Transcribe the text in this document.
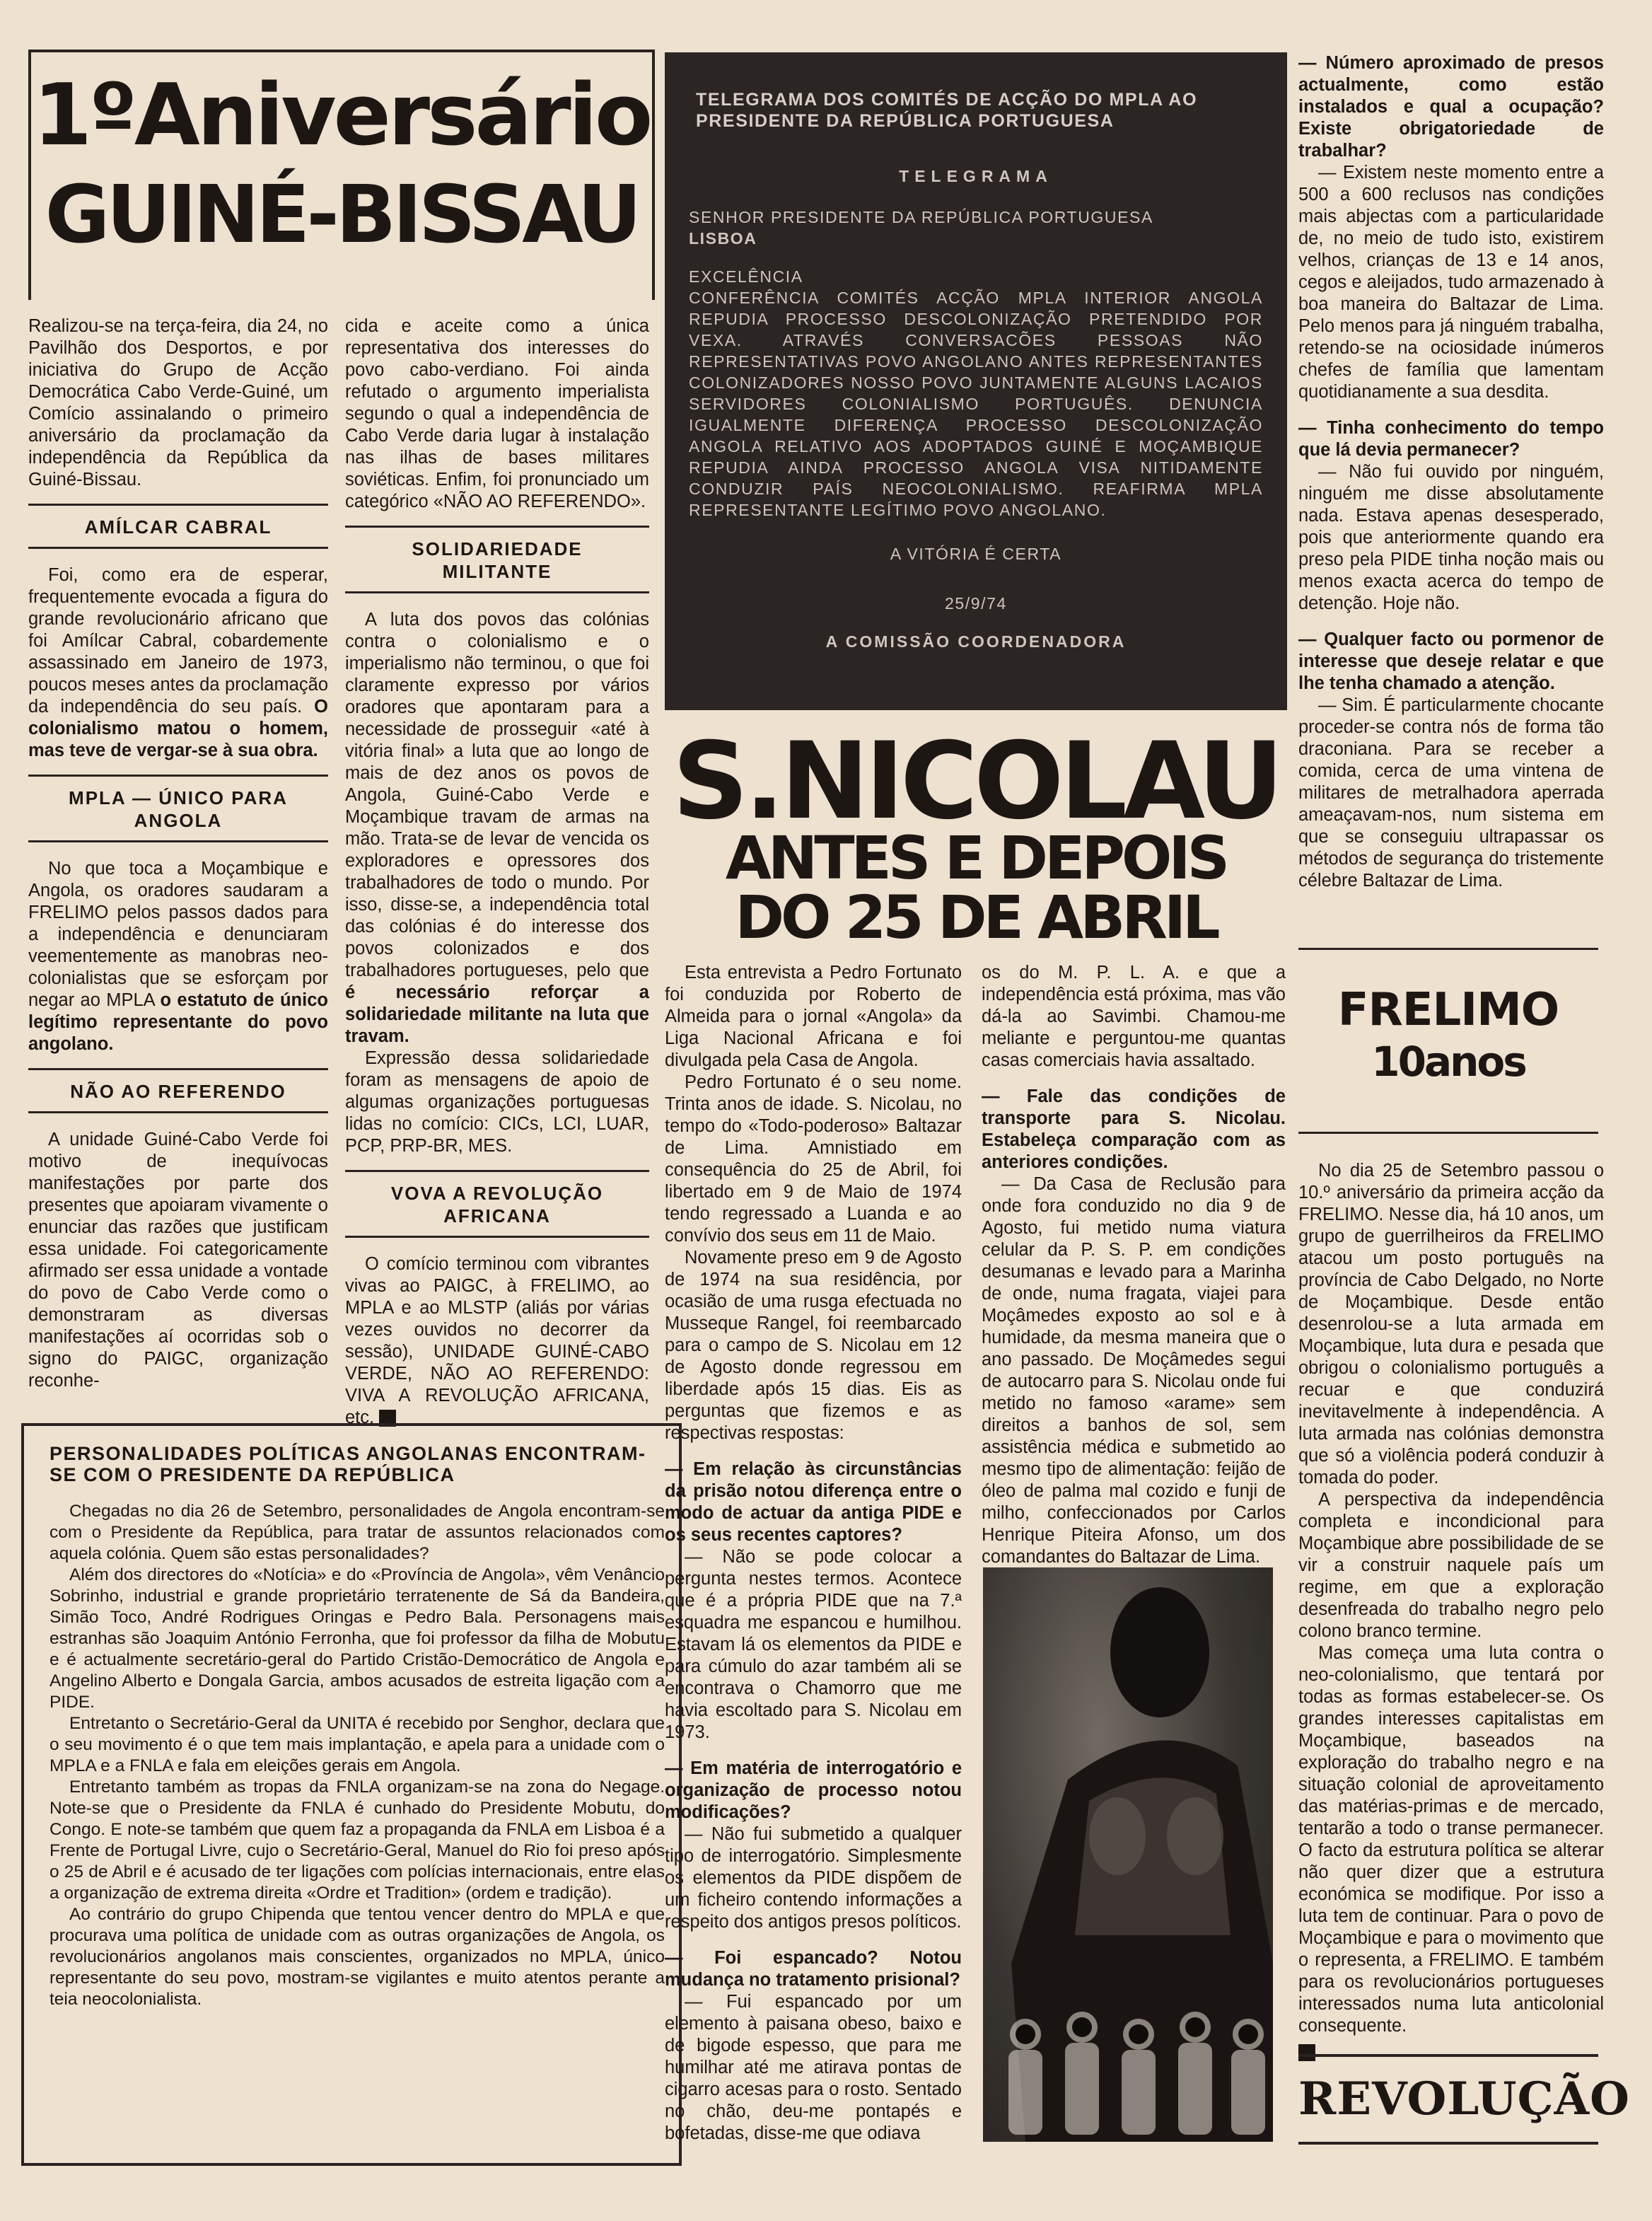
1ºAniversário
GUINÉ-BISSAU

Realizou-se na terça-feira, dia 24, no Pavilhão dos Desportos, e por iniciativa do Grupo de Acção Democrática Cabo Verde-Guiné, um Comício assinalando o primeiro aniversário da proclamação da independência da República da Guiné-Bissau.

AMÍLCAR CABRAL

Foi, como era de esperar, frequentemente evocada a figura do grande revolucionário africano que foi Amílcar Cabral, cobardemente assassinado em Janeiro de 1973, poucos meses antes da proclamação da independência do seu país. O colonialismo matou o homem, mas teve de vergar-se à sua obra.

MPLA — ÚNICO PARA ANGOLA

No que toca a Moçambique e Angola, os oradores saudaram a FRELIMO pelos passos dados para a independência e denunciaram veementemente as manobras neo-colonialistas que se esforçam por negar ao MPLA o estatuto de único legítimo representante do povo angolano.

NÃO AO REFERENDO

A unidade Guiné-Cabo Verde foi motivo de inequívocas manifestações por parte dos presentes que apoiaram vivamente o enunciar das razões que justificam essa unidade. Foi categoricamente afirmado ser essa unidade a vontade do povo de Cabo Verde como o demonstraram as diversas manifestações aí ocorridas sob o signo do PAIGC, organização reconhe-

cida e aceite como a única representativa dos interesses do povo cabo-verdiano. Foi ainda refutado o argumento imperialista segundo o qual a independência de Cabo Verde daria lugar à instalação nas ilhas de bases militares soviéticas. Enfim, foi pronunciado um categórico «NÃO AO REFERENDO».

SOLIDARIEDADE MILITANTE

A luta dos povos das colónias contra o colonialismo e o imperialismo não terminou, o que foi claramente expresso por vários oradores que apontaram para a necessidade de prosseguir «até à vitória final» a luta que ao longo de mais de dez anos os povos de Angola, Guiné-Cabo Verde e Moçambique travam de armas na mão. Trata-se de levar de vencida os exploradores e opressores dos trabalhadores de todo o mundo. Por isso, disse-se, a independência total das colónias é do interesse dos povos colonizados e dos trabalhadores portugueses, pelo que é necessário reforçar a solidariedade militante na luta que travam.

Expressão dessa solidariedade foram as mensagens de apoio de algumas organizações portuguesas lidas no comício: CICs, LCI, LUAR, PCP, PRP-BR, MES.

VOVA A REVOLUÇÃO AFRICANA

O comício terminou com vibrantes vivas ao PAIGC, à FRELIMO, ao MPLA e ao MLSTP (aliás por várias vezes ouvidos no decorrer da sessão), UNIDADE GUINÉ-CABO VERDE, NÃO AO REFERENDO: VIVA A REVOLUÇÃO AFRICANA, etc.

PERSONALIDADES POLÍTICAS ANGOLANAS ENCONTRAM-SE COM O PRESIDENTE DA REPÚBLICA

Chegadas no dia 26 de Setembro, personalidades de Angola encontram-se com o Presidente da República, para tratar de assuntos relacionados com aquela colónia. Quem são estas personalidades?

Além dos directores do «Notícia» e do «Província de Angola», vêm Venâncio Sobrinho, industrial e grande proprietário terratenente de Sá da Bandeira, Simão Toco, André Rodrigues Oringas e Pedro Bala. Personagens mais estranhas são Joaquim António Ferronha, que foi professor da filha de Mobutu e é actualmente secretário-geral do Partido Cristão-Democrático de Angola e Angelino Alberto e Dongala Garcia, ambos acusados de estreita ligação com a PIDE.

Entretanto o Secretário-Geral da UNITA é recebido por Senghor, declara que o seu movimento é o que tem mais implantação, e apela para a unidade com o MPLA e a FNLA e fala em eleições gerais em Angola.

Entretanto também as tropas da FNLA organizam-se na zona do Negage. Note-se que o Presidente da FNLA é cunhado do Presidente Mobutu, do Congo. E note-se também que quem faz a propaganda da FNLA em Lisboa é a Frente de Portugal Livre, cujo o Secretário-Geral, Manuel do Rio foi preso após o 25 de Abril e é acusado de ter ligações com polícias internacionais, entre elas a organização de extrema direita «Ordre et Tradition» (ordem e tradição).

Ao contrário do grupo Chipenda que tentou vencer dentro do MPLA e que procurava uma política de unidade com as outras organizações de Angola, os revolucionários angolanos mais conscientes, organizados no MPLA, único representante do seu povo, mostram-se vigilantes e muito atentos perante a teia neocolonialista.

TELEGRAMA DOS COMITÉS DE ACÇÃO DO MPLA AO PRESIDENTE DA REPÚBLICA PORTUGUESA
TELEGRAMA
SENHOR PRESIDENTE DA REPÚBLICA PORTUGUESA
LISBOA
EXCELÊNCIA
CONFERÊNCIA COMITÉS ACÇÃO MPLA INTERIOR ANGOLA REPUDIA PROCESSO DESCOLONIZAÇÃO PRETENDIDO POR VEXA. ATRAVÉS CONVERSACÕES PESSOAS NÃO REPRESENTATIVAS POVO ANGOLANO ANTES REPRESENTANTES COLONIZADORES NOSSO POVO JUNTAMENTE ALGUNS LACAIOS SERVIDORES COLONIALISMO PORTUGUÊS. DENUNCIA IGUALMENTE DIFERENÇA PROCESSO DESCOLONIZAÇÃO ANGOLA RELATIVO AOS ADOPTADOS GUINÉ E MOÇAMBIQUE REPUDIA AINDA PROCESSO ANGOLA VISA NITIDAMENTE CONDUZIR PAÍS NEOCOLONIALISMO. REAFIRMA MPLA REPRESENTANTE LEGÍTIMO POVO ANGOLANO.
A VITÓRIA É CERTA
25/9/74
A COMISSÃO COORDENADORA
S.NICOLAU
ANTES E DEPOIS
DO 25 DE ABRIL

Esta entrevista a Pedro Fortunato foi conduzida por Roberto de Almeida para o jornal «Angola» da Liga Nacional Africana e foi divulgada pela Casa de Angola.

Pedro Fortunato é o seu nome. Trinta anos de idade. S. Nicolau, no tempo do «Todo-poderoso» Baltazar de Lima. Amnistiado em consequência do 25 de Abril, foi libertado em 9 de Maio de 1974 tendo regressado a Luanda e ao convívio dos seus em 11 de Maio.

Novamente preso em 9 de Agosto de 1974 na sua residência, por ocasião de uma rusga efectuada no Musseque Rangel, foi reembarcado para o campo de S. Nicolau em 12 de Agosto donde regressou em liberdade após 15 dias. Eis as perguntas que fizemos e as respectivas respostas:

— Em relação às circunstâncias da prisão notou diferença entre o modo de actuar da antiga PIDE e os seus recentes captores?

— Não se pode colocar a pergunta nestes termos. Acontece que é a própria PIDE que na 7.ª esquadra me espancou e humilhou. Estavam lá os elementos da PIDE e para cúmulo do azar também ali se encontrava o Chamorro que me havia escoltado para S. Nicolau em 1973.

— Em matéria de interrogatório e organização de processo notou modificações?

— Não fui submetido a qualquer tipo de interrogatório. Simplesmente os elementos da PIDE dispõem de um ficheiro contendo informações a respeito dos antigos presos políticos.

— Foi espancado? Notou mudança no tratamento prisional?

— Fui espancado por um elemento à paisana obeso, baixo e de bigode espesso, que para me humilhar até me atirava pontas de cigarro acesas para o rosto. Sentado no chão, deu-me pontapés e bofetadas, disse-me que odiava

os do M. P. L. A. e que a independência está próxima, mas vão dá-la ao Savimbi. Chamou-me meliante e perguntou-me quantas casas comerciais havia assaltado.

— Fale das condições de transporte para S. Nicolau. Estabeleça comparação com as anteriores condições.

— Da Casa de Reclusão para onde fora conduzido no dia 9 de Agosto, fui metido numa viatura celular da P. S. P. em condições desumanas e levado para a Marinha de onde, numa fragata, viajei para Moçâmedes exposto ao sol e à humidade, da mesma maneira que o ano passado. De Moçâmedes segui de autocarro para S. Nicolau onde fui metido no famoso «arame» sem direitos a banhos de sol, sem assistência médica e submetido ao mesmo tipo de alimentação: feijão de óleo de palma mal cozido e funji de milho, confeccionados por Carlos Henrique Piteira Afonso, um dos comandantes do Baltazar de Lima.

— Número aproximado de presos actualmente, como estão instalados e qual a ocupação? Existe obrigatoriedade de trabalhar?

— Existem neste momento entre a 500 a 600 reclusos nas condições mais abjectas com a particularidade de, no meio de tudo isto, existirem velhos, crianças de 13 e 14 anos, cegos e aleijados, tudo armazenado à boa maneira do Baltazar de Lima. Pelo menos para já ninguém trabalha, retendo-se na ociosidade inúmeros chefes de família que lamentam quotidianamente a sua desdita.

— Tinha conhecimento do tempo que lá devia permanecer?

— Não fui ouvido por ninguém, ninguém me disse absolutamente nada. Estava apenas desesperado, pois que anteriormente quando era preso pela PIDE tinha noção mais ou menos exacta acerca do tempo de detenção. Hoje não.

— Qualquer facto ou pormenor de interesse que deseje relatar e que lhe tenha chamado a atenção.

— Sim. É particularmente chocante proceder-se contra nós de forma tão draconiana. Para se receber a comida, cerca de uma vintena de militares de metralhadora aperrada ameaçavam-nos, num sistema em que se conseguiu ultrapassar os métodos de segurança do tristemente célebre Baltazar de Lima.

FRELIMO
10anos

No dia 25 de Setembro passou o 10.º aniversário da primeira acção da FRELIMO. Nesse dia, há 10 anos, um grupo de guerrilheiros da FRELIMO atacou um posto português na província de Cabo Delgado, no Norte de Moçambique. Desde então desenrolou-se a luta armada em Moçambique, luta dura e pesada que obrigou o colonialismo português a recuar e que conduzirá inevitavelmente à independência. A luta armada nas colónias demonstra que só a violência poderá conduzir à tomada do poder.

A perspectiva da independência completa e incondicional para Moçambique abre possibilidade de se vir a construir naquele país um regime, em que a exploração desenfreada do trabalho negro pelo colono branco termine.

Mas começa uma luta contra o neo-colonialismo, que tentará por todas as formas estabelecer-se. Os grandes interesses capitalistas em Moçambique, baseados na exploração do trabalho negro e na situação colonial de aproveitamento das matérias-primas e de mercado, tentarão a todo o transe permanecer. O facto da estrutura política se alterar não quer dizer que a estrutura económica se modifique. Por isso a luta tem de continuar. Para o povo de Moçambique e para o movimento que o representa, a FRELIMO. E também para os revolucionários portugueses interessados numa luta anticolonial consequente.

REVOLUÇÃO
